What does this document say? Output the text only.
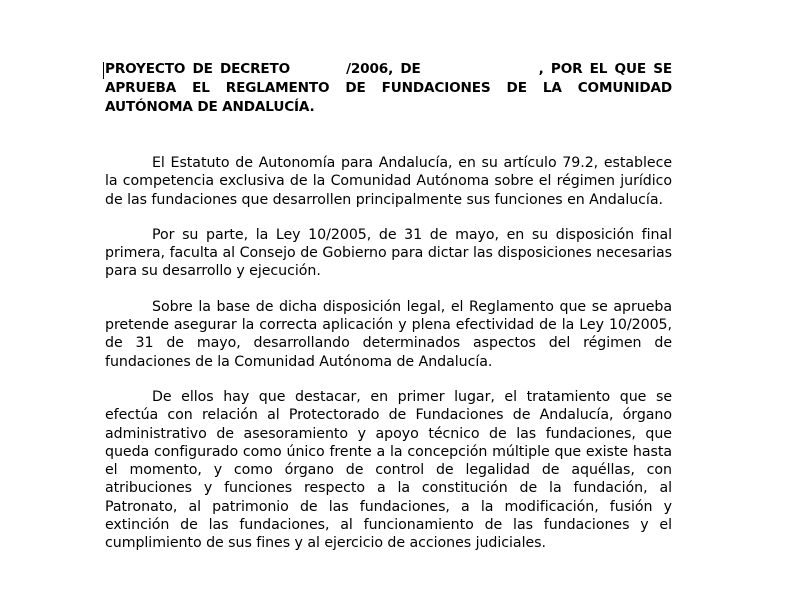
PROYECTO DE DECRETO	/2006, DE	, POR EL QUE SE APRUEBA EL REGLAMENTO DE FUNDACIONES DE LA COMUNIDAD AUTÓNOMA DE ANDALUCÍA.

El Estatuto de Autonomía para Andalucía, en su artículo 79.2, establece la competencia exclusiva de la Comunidad Autónoma sobre el régimen jurídico de las fundaciones que desarrollen principalmente sus funciones en Andalucía.

Por su parte, la Ley 10/2005, de 31 de mayo, en su disposición final primera, faculta al Consejo de Gobierno para dictar las disposiciones necesarias para su desarrollo y ejecución.

Sobre la base de dicha disposición legal, el Reglamento que se aprueba pretende asegurar la correcta aplicación y plena efectividad de la Ley 10/2005, de 31 de mayo, desarrollando determinados aspectos del régimen de fundaciones de la Comunidad Autónoma de Andalucía.

De ellos hay que destacar, en primer lugar, el tratamiento que se efectúa con relación al Protectorado de Fundaciones de Andalucía, órgano administrativo de asesoramiento y apoyo técnico de las fundaciones, que queda configurado como único frente a la concepción múltiple que existe hasta el momento, y como órgano de control de legalidad de aquéllas, con atribuciones y funciones respecto a la constitución de la fundación, al Patronato, al patrimonio de las fundaciones, a la modificación, fusión y extinción de las fundaciones, al funcionamiento de las fundaciones y el cumplimiento de sus fines y al ejercicio de acciones judiciales.
